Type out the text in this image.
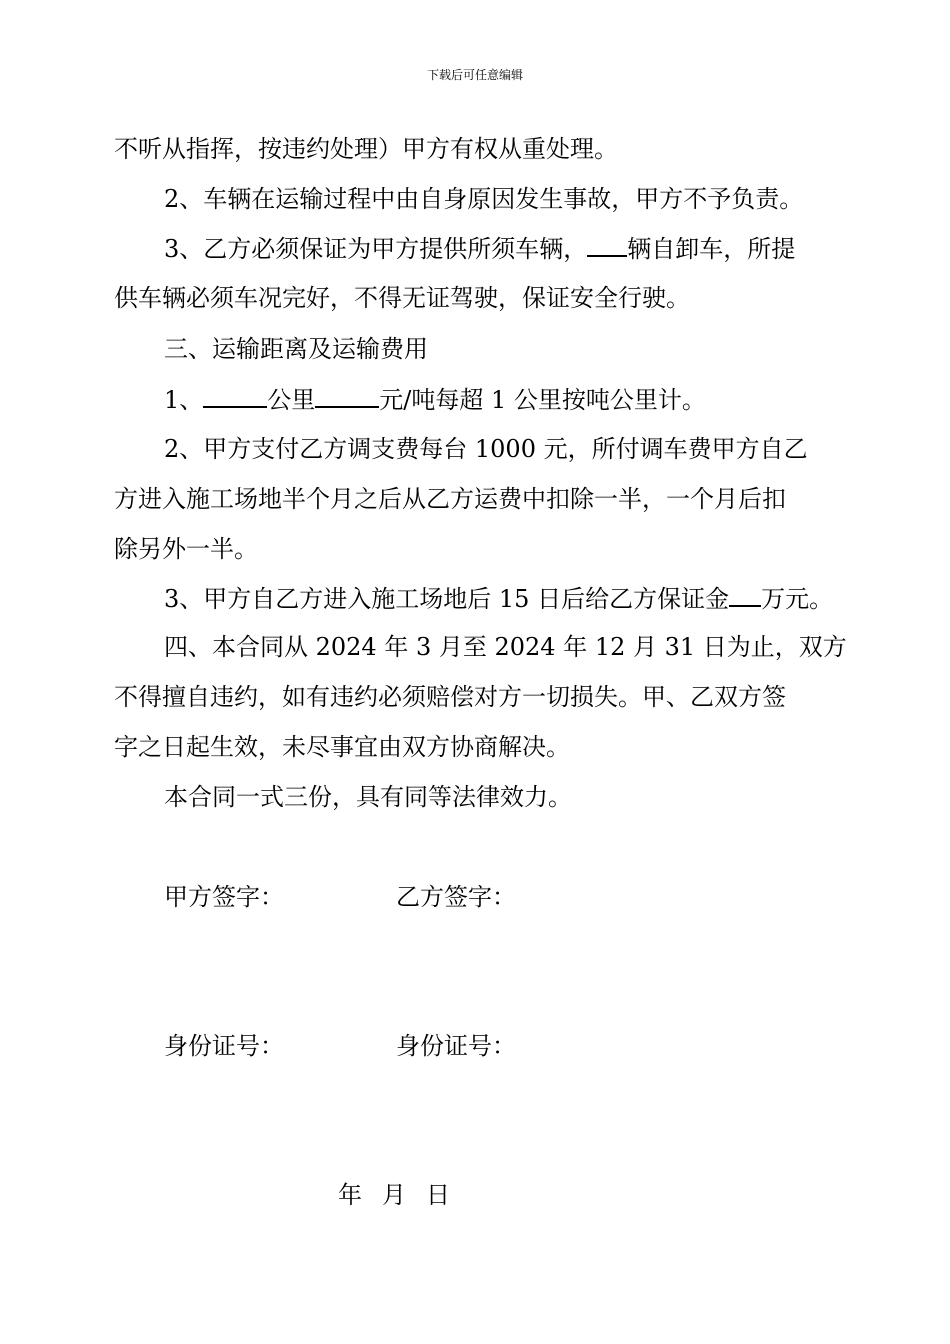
下载后可任意编辑
不听从指挥，按违约处理）甲方有权从重处理。
2、车辆在运输过程中由自身原因发生事故，甲方不予负责。
3、乙方必须保证为甲方提供所须车辆， 辆自卸车，所提
供车辆必须车况完好，不得无证驾驶，保证安全行驶。
三、运输距离及运输费用
1、	公里	元/吨每超 1 公里按吨公里计。
2、甲方支付乙方调支费每台 1000 元，所付调车费甲方自乙
方进入施工场地半个月之后从乙方运费中扣除一半，一个月后扣
除另外一半。
3、甲方自乙方进入施工场地后 15 日后给乙方保证金 万元。
四、本合同从 2024 年 3 月至 2024 年 12 月 31 日为止，双方
不得擅自违约，如有违约必须赔偿对方一切损失。甲、乙双方签
字之日起生效，未尽事宜由双方协商解决。
本合同一式三份，具有同等法律效力。
甲方签字：	乙方签字：
身份证号：	身份证号：
年 月 日
